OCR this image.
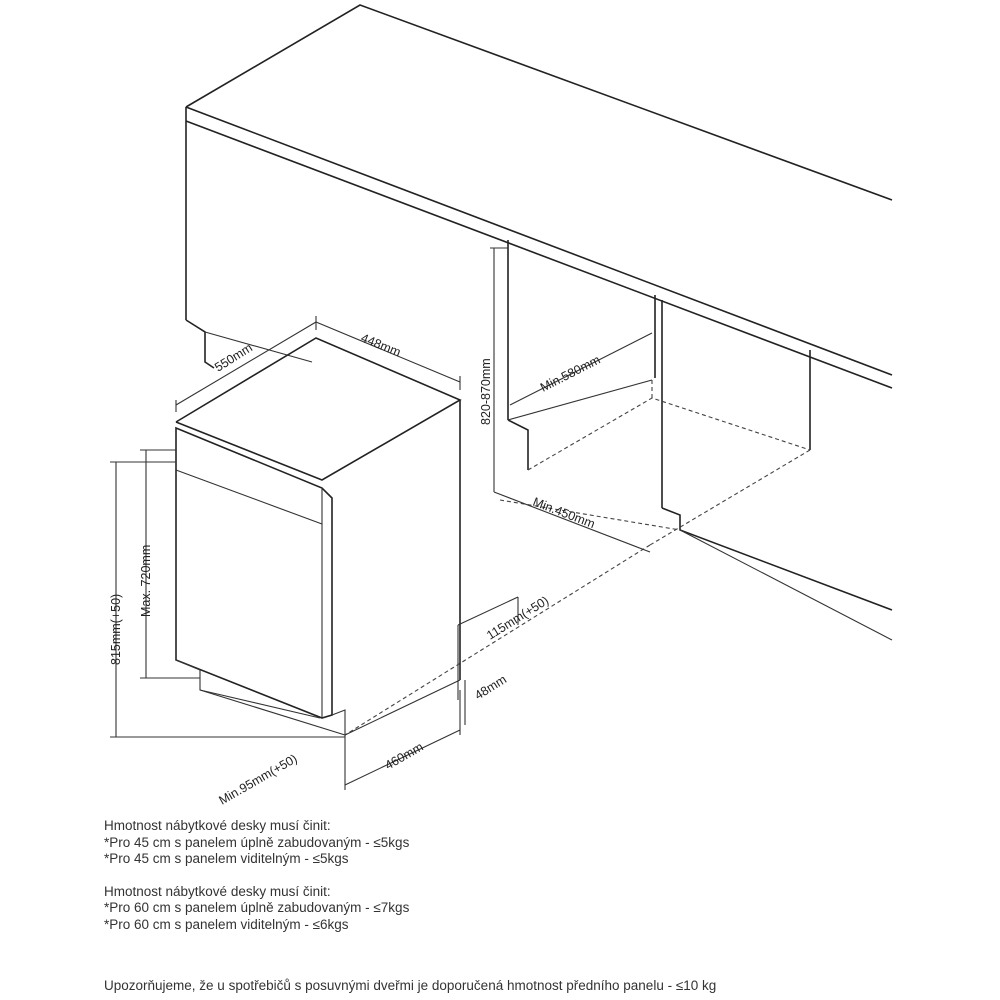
550mm	448mm
820-870mm	Min.580mm
Min.450mm
815mm(+50)
Max. 720mm
115mm(+50)
48mm
460mm
Min.95mm(+50)

Hmotnost nábytkové desky musí činit:

*Pro 45 cm s panelem úplně zabudovaným - ≤5kgs

*Pro 45 cm s panelem viditelným - ≤5kgs

Hmotnost nábytkové desky musí činit:

*Pro 60 cm s panelem úplně zabudovaným - ≤7kgs

*Pro 60 cm s panelem viditelným - ≤6kgs

Upozorňujeme, že u spotřebičů s posuvnými dveřmi je doporučená hmotnost předního panelu - ≤10 kg
